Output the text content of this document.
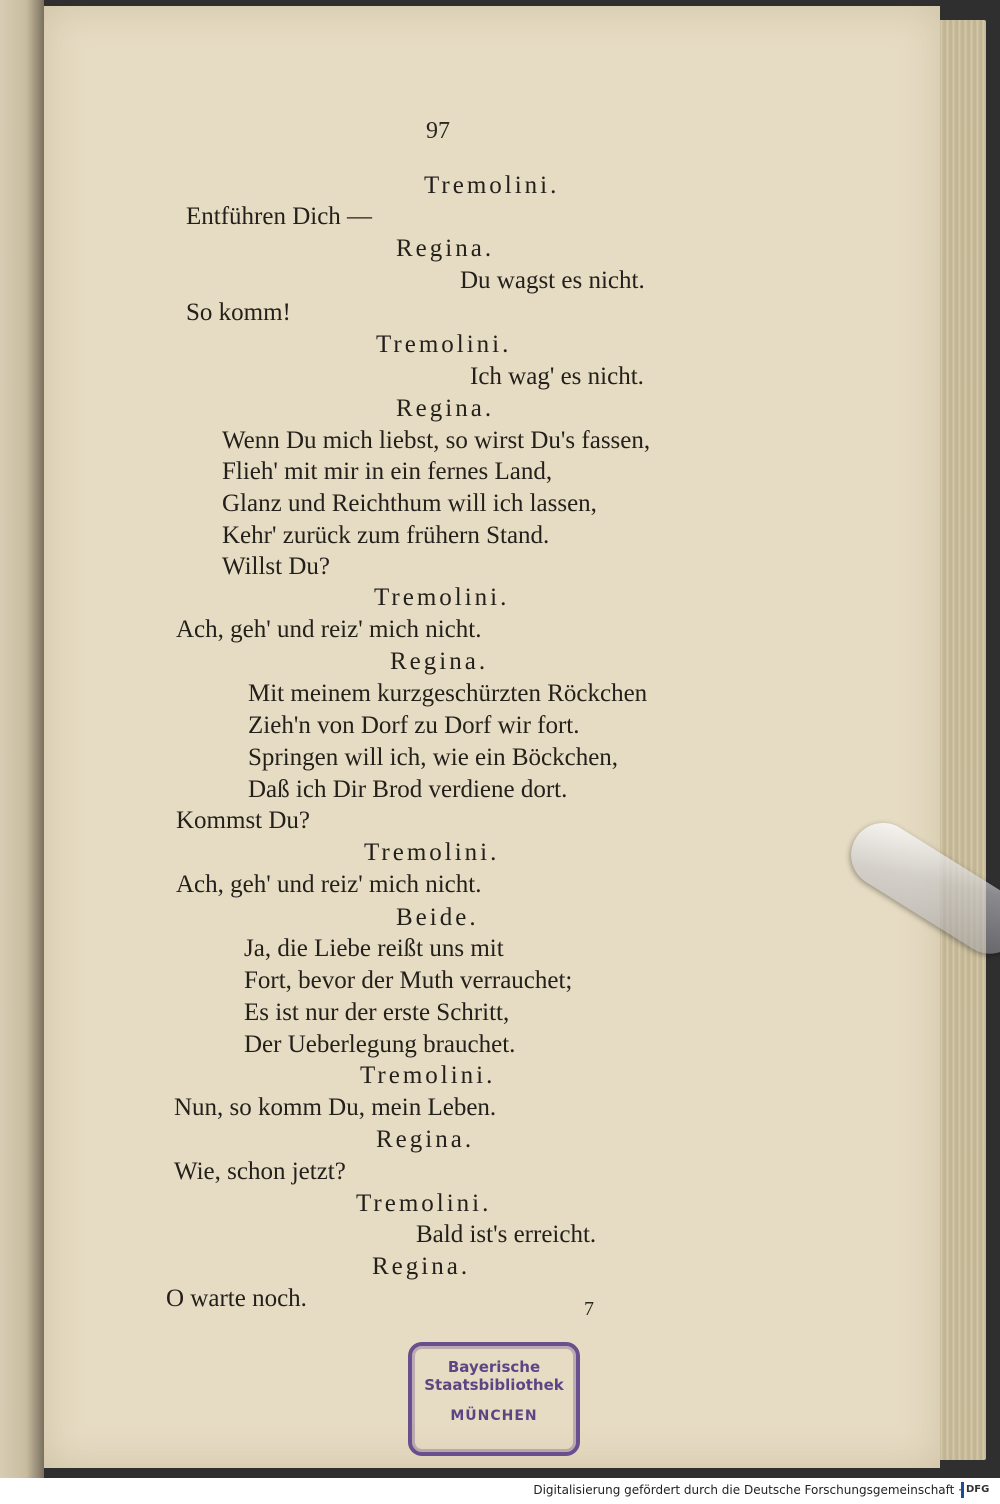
97
Tremolini.
Entführen Dich —
Regina.
Du wagst es nicht.
So komm!
Tremolini.
Ich wag' es nicht.
Regina.
Wenn Du mich liebst, so wirst Du's fassen,
Flieh' mit mir in ein fernes Land,
Glanz und Reichthum will ich lassen,
Kehr' zurück zum frühern Stand.
Willst Du?
Tremolini.
Ach, geh' und reiz' mich nicht.
Regina.
Mit meinem kurzgeschürzten Röckchen
Zieh'n von Dorf zu Dorf wir fort.
Springen will ich, wie ein Böckchen,
Daß ich Dir Brod verdiene dort.
Kommst Du?
Tremolini.
Ach, geh' und reiz' mich nicht.
Beide.
Ja, die Liebe reißt uns mit
Fort, bevor der Muth verrauchet;
Es ist nur der erste Schritt,
Der Ueberlegung brauchet.
Tremolini.
Nun, so komm Du, mein Leben.
Regina.
Wie, schon jetzt?
Tremolini.
Bald ist's erreicht.
Regina.
O warte noch.	7
Bayerische
Staatsbibliothek
MÜNCHEN
Digitalisierung gefördert durch die Deutsche Forschungsgemeinschaft · DFG
